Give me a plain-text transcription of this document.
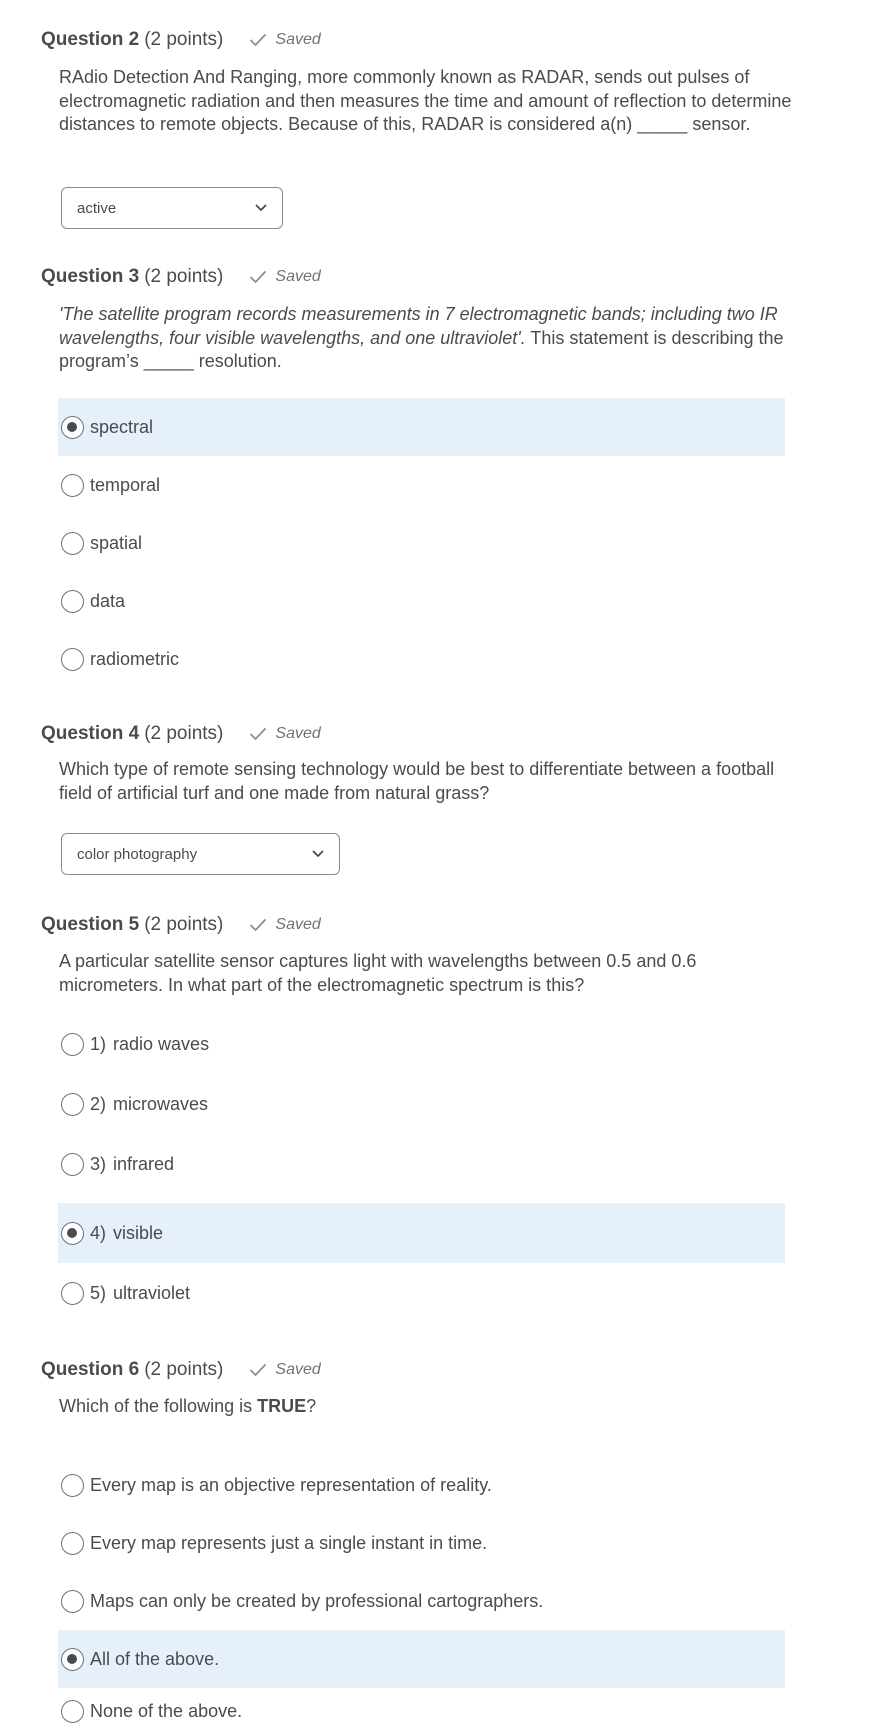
Question 2 (2 points)	Saved
RAdio Detection And Ranging, more commonly known as RADAR, sends out pulses of electromagnetic radiation and then measures the time and amount of reflection to determine distances to remote objects. Because of this, RADAR is considered a(n) _____ sensor.
active
Question 3 (2 points)	Saved
'The satellite program records measurements in 7 electromagnetic bands; including two IR wavelengths, four visible wavelengths, and one ultraviolet'. This statement is describing the program’s _____ resolution.
spectral
temporal
spatial
data
radiometric
Question 4 (2 points)	Saved
Which type of remote sensing technology would be best to differentiate between a football field of artificial turf and one made from natural grass?
color photography
Question 5 (2 points)	Saved
A particular satellite sensor captures light with wavelengths between 0.5 and 0.6 micrometers. In what part of the electromagnetic spectrum is this?
1) radio waves
2) microwaves
3) infrared
4) visible
5) ultraviolet
Question 6 (2 points)	Saved
Which of the following is TRUE?
Every map is an objective representation of reality.
Every map represents just a single instant in time.
Maps can only be created by professional cartographers.
All of the above.
None of the above.
